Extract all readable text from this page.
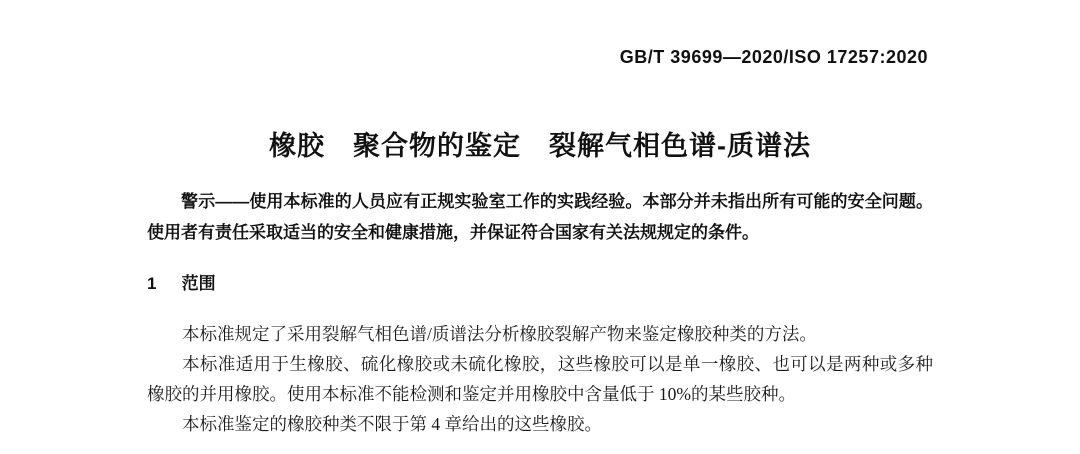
GB/T 39699—2020/ISO 17257:2020
橡胶　聚合物的鉴定　裂解气相色谱-质谱法

警示——使用本标准的人员应有正规实验室工作的实践经验。本部分并未指出所有可能的安全问题。使用者有责任采取适当的安全和健康措施，并保证符合国家有关法规规定的条件。

1 范围

本标准规定了采用裂解气相色谱/质谱法分析橡胶裂解产物来鉴定橡胶种类的方法。

本标准适用于生橡胶、硫化橡胶或未硫化橡胶，这些橡胶可以是单一橡胶、也可以是两种或多种橡胶的并用橡胶。使用本标准不能检测和鉴定并用橡胶中含量低于 10%的某些胶种。

本标准鉴定的橡胶种类不限于第 4 章给出的这些橡胶。
